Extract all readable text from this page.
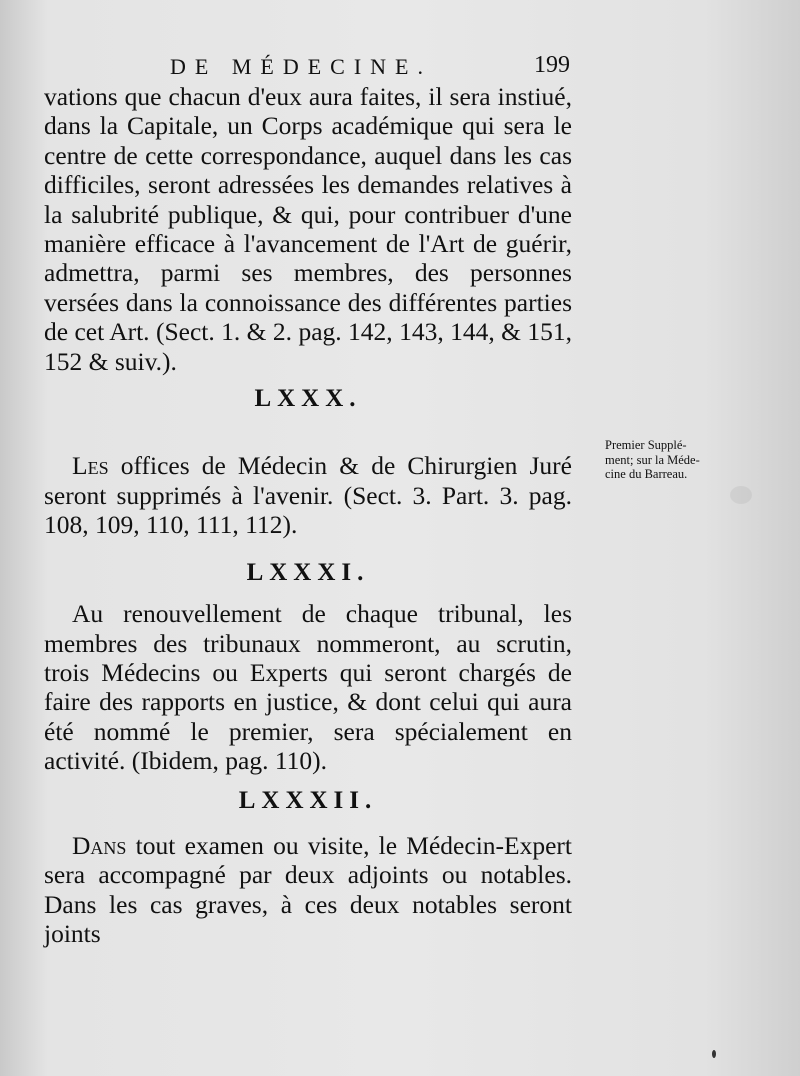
DE MÉDECINE.	199

vations que chacun d'eux aura faites, il sera instiué, dans la Capitale, un Corps académique qui sera le centre de cette correspondance, auquel dans les cas difficiles, seront adressées les demandes relatives à la salubrité publique, & qui, pour contribuer d'une manière efficace à l'avancement de l'Art de guérir, admettra, parmi ses membres, des personnes versées dans la connoissance des différentes parties de cet Art. (Sect. 1. & 2. pag. 142, 143, 144, & 151, 152 & suiv.).

LXXX.

Les offices de Médecin & de Chirurgien Juré seront supprimés à l'avenir. (Sect. 3. Part. 3. pag. 108, 109, 110, 111, 112).

LXXXI.

Au renouvellement de chaque tribunal, les membres des tribunaux nommeront, au scrutin, trois Médecins ou Experts qui seront chargés de faire des rapports en justice, & dont celui qui aura été nommé le premier, sera spécialement en activité. (Ibidem, pag. 110).

LXXXII.

Dans tout examen ou visite, le Médecin-Expert sera accompagné par deux adjoints ou notables. Dans les cas graves, à ces deux notables seront joints

Premier Supplé-
ment; sur la Méde-
cine du Barreau.
